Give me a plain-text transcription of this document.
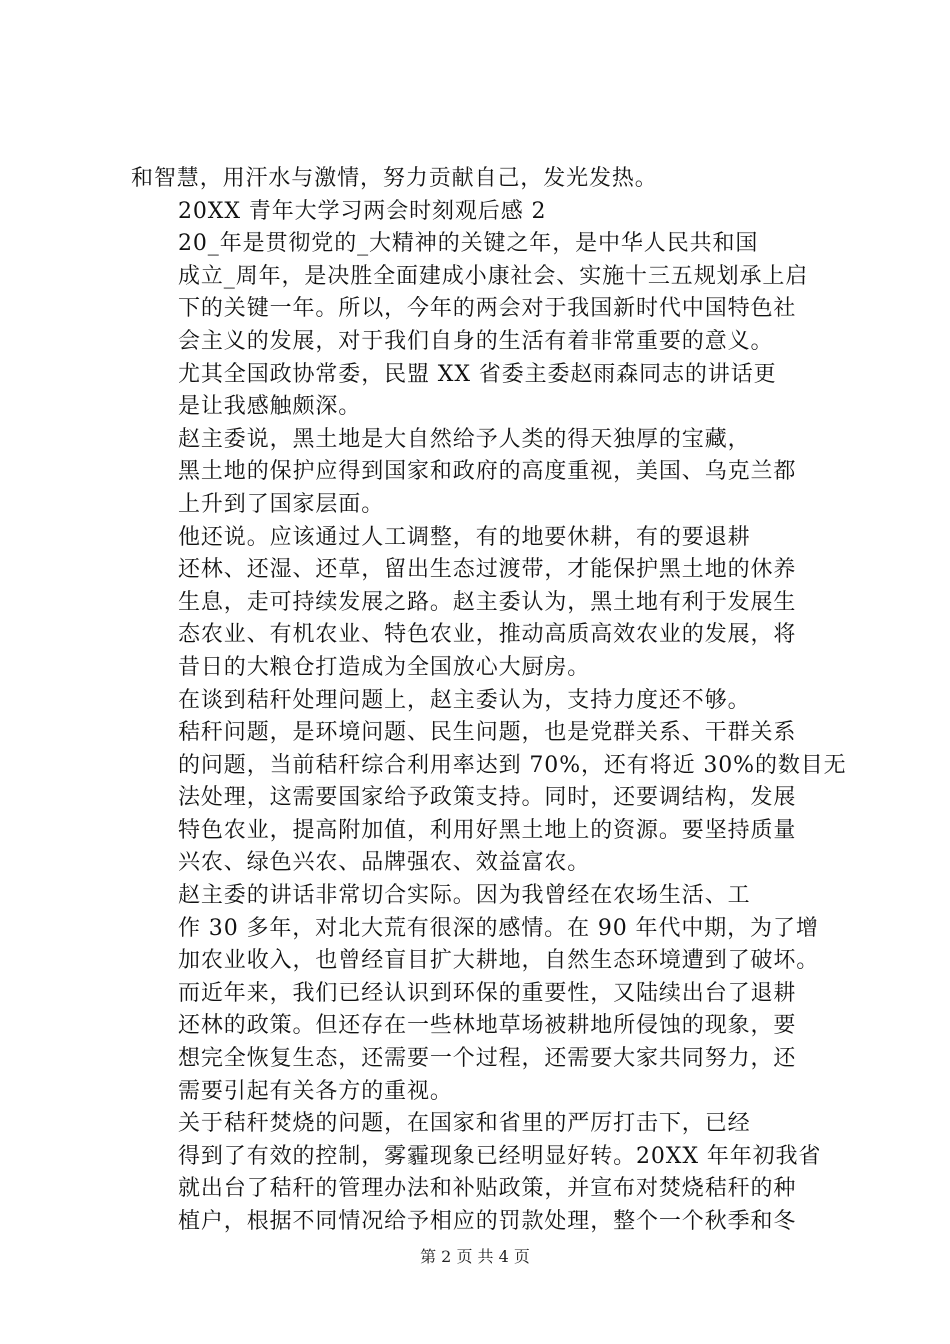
和智慧，用汗水与激情，努力贡献自己，发光发热。

20XX 青年大学习两会时刻观后感 2

20_年是贯彻党的_大精神的关键之年，是中华人民共和国
成立_周年，是决胜全面建成小康社会、实施十三五规划承上启
下的关键一年。所以，今年的两会对于我国新时代中国特色社
会主义的发展，对于我们自身的生活有着非常重要的意义。

尤其全国政协常委，民盟 XX 省委主委赵雨森同志的讲话更
是让我感触颇深。

赵主委说，黑土地是大自然给予人类的得天独厚的宝藏，
黑土地的保护应得到国家和政府的高度重视，美国、乌克兰都
上升到了国家层面。

他还说。应该通过人工调整，有的地要休耕，有的要退耕
还林、还湿、还草，留出生态过渡带，才能保护黑土地的休养
生息，走可持续发展之路。赵主委认为，黑土地有利于发展生
态农业、有机农业、特色农业，推动高质高效农业的发展，将
昔日的大粮仓打造成为全国放心大厨房。

在谈到秸秆处理问题上，赵主委认为，支持力度还不够。
秸秆问题，是环境问题、民生问题，也是党群关系、干群关系
的问题，当前秸秆综合利用率达到 70%，还有将近 30%的数目无
法处理，这需要国家给予政策支持。同时，还要调结构，发展
特色农业，提高附加值，利用好黑土地上的资源。要坚持质量
兴农、绿色兴农、品牌强农、效益富农。

赵主委的讲话非常切合实际。因为我曾经在农场生活、工
作 30 多年，对北大荒有很深的感情。在 90 年代中期，为了增
加农业收入，也曾经盲目扩大耕地，自然生态环境遭到了破坏。
而近年来，我们已经认识到环保的重要性，又陆续出台了退耕
还林的政策。但还存在一些林地草场被耕地所侵蚀的现象，要
想完全恢复生态，还需要一个过程，还需要大家共同努力，还
需要引起有关各方的重视。

关于秸秆焚烧的问题，在国家和省里的严厉打击下，已经
得到了有效的控制，雾霾现象已经明显好转。20XX 年年初我省
就出台了秸秆的管理办法和补贴政策，并宣布对焚烧秸秆的种
植户，根据不同情况给予相应的罚款处理，整个一个秋季和冬

第 2 页 共 4 页
